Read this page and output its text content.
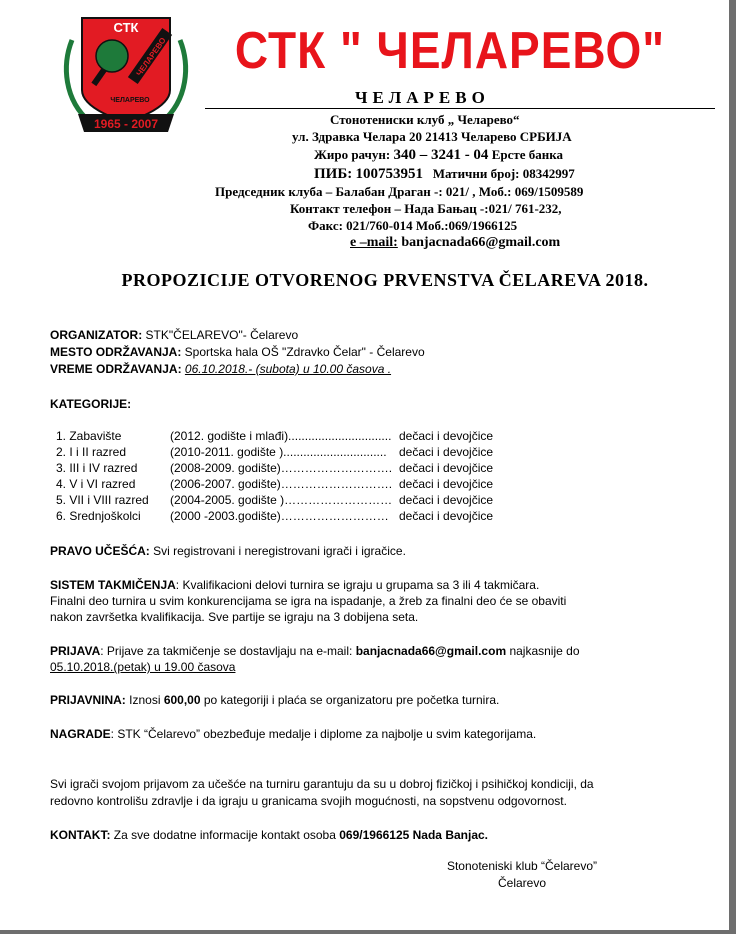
ЧЕЛАРЕВО
СТК
ЧЕЛАРЕВО
1965 - 2007
СТК " ЧЕЛАРЕВО"
ЧЕЛАРЕВО
Стонотениски клуб „ Челарево“
ул. Здравка Челара 20 21413 Челарево СРБИЈА
Жиро рачун: 340 – 3241 - 04 Ерсте банка
ПИБ: 100753951 Матични број: 08342997
Председник клуба – Балабан Драган -: 021/ , Моб.: 069/1509589
Контакт телефон – Нада Бањац -:021/ 761-232,
Факс: 021/760-014 Моб.:069/1966125
e –mail: banjacnada66@gmail.com
PROPOZICIJE OTVORENOG PRVENSTVA ČELAREVA 2018.
ORGANIZATOR: STK"ČELAREVO"- Čelarevo
MESTO ODRŽAVANJA: Sportska hala OŠ "Zdravko Čelar" - Čelarevo
VREME ODRŽAVANJA: 06.10.2018.- (subota) u 10.00 časova .
KATEGORIJE:
1. Zabavište	(2012. godište i mlađi)............................... dečaci i devojčice
2. I i II razred	(2010-2011. godište )............................... dečaci i devojčice
3. III i IV razred	(2008-2009. godište)………………………. dečaci i devojčice
4. V i VI razred	(2006-2007. godište)………………………. dečaci i devojčice
5. VII i VIII razred (2004-2005. godište )……………………… dečaci i devojčice
6. Srednjoškolci (2000 -2003.godište)……………………… dečaci i devojčice
PRAVO UČEŠĆA: Svi registrovani i neregistrovani igrači i igračice.
SISTEM TAKMIČENJA: Kvalifikacioni delovi turnira se igraju u grupama sa 3 ili 4 takmičara.
Finalni deo turnira u svim konkurencijama se igra na ispadanje, a žreb za finalni deo će se obaviti
nakon završetka kvalifikacija. Sve partije se igraju na 3 dobijena seta.
PRIJAVA: Prijave za takmičenje se dostavljaju na e-mail: banjacnada66@gmail.com najkasnije do
05.10.2018.(petak) u 19.00 časova
PRIJAVNINA: Iznosi 600,00 po kategoriji i plaća se organizatoru pre početka turnira.
NAGRADE: STK “Čelarevo” obezbeđuje medalje i diplome za najbolje u svim kategorijama.
Svi igrači svojom prijavom za učešće na turniru garantuju da su u dobroj fizičkoj i psihičkoj kondiciji, da
redovno kontrolišu zdravlje i da igraju u granicama svojih mogućnosti, na sopstvenu odgovornost.
KONTAKT: Za sve dodatne informacije kontakt osoba 069/1966125 Nada Banjac.
Stonoteniski klub “Čelarevo”
Čelarevo
